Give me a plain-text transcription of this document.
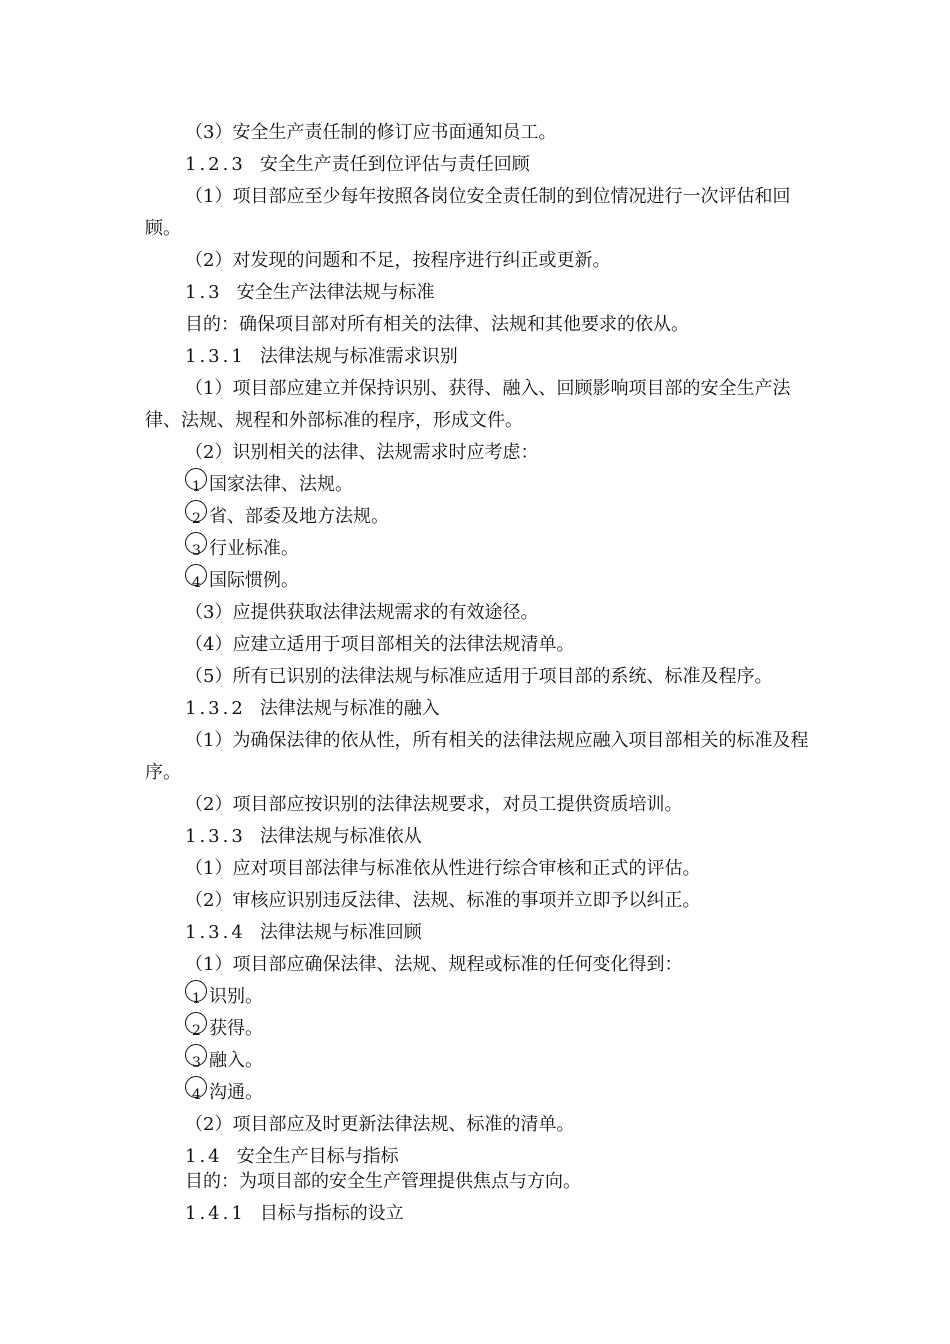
（3）安全生产责任制的修订应书面通知员工。
1.2.3 安全生产责任到位评估与责任回顾
（1）项目部应至少每年按照各岗位安全责任制的到位情况进行一次评估和回顾。
（2）对发现的问题和不足，按程序进行纠正或更新。
1.3 安全生产法律法规与标准
目的：确保项目部对所有相关的法律、法规和其他要求的依从。
1.3.1 法律法规与标准需求识别
（1）项目部应建立并保持识别、获得、融入、回顾影响项目部的安全生产法律、法规、规程和外部标准的程序，形成文件。
（2）识别相关的法律、法规需求时应考虑：
1 国家法律、法规。
2 省、部委及地方法规。
3 行业标准。
4 国际惯例。
（3）应提供获取法律法规需求的有效途径。
（4）应建立适用于项目部相关的法律法规清单。
（5）所有已识别的法律法规与标准应适用于项目部的系统、标准及程序。
1.3.2 法律法规与标准的融入
（1）为确保法律的依从性，所有相关的法律法规应融入项目部相关的标准及程序。
（2）项目部应按识别的法律法规要求，对员工提供资质培训。
1.3.3 法律法规与标准依从
（1）应对项目部法律与标准依从性进行综合审核和正式的评估。
（2）审核应识别违反法律、法规、标准的事项并立即予以纠正。
1.3.4 法律法规与标准回顾
（1）项目部应确保法律、法规、规程或标准的任何变化得到：
1 识别。
2 获得。
3 融入。
4 沟通。
（2）项目部应及时更新法律法规、标准的清单。
1.4 安全生产目标与指标
目的：为项目部的安全生产管理提供焦点与方向。
1.4.1 目标与指标的设立
